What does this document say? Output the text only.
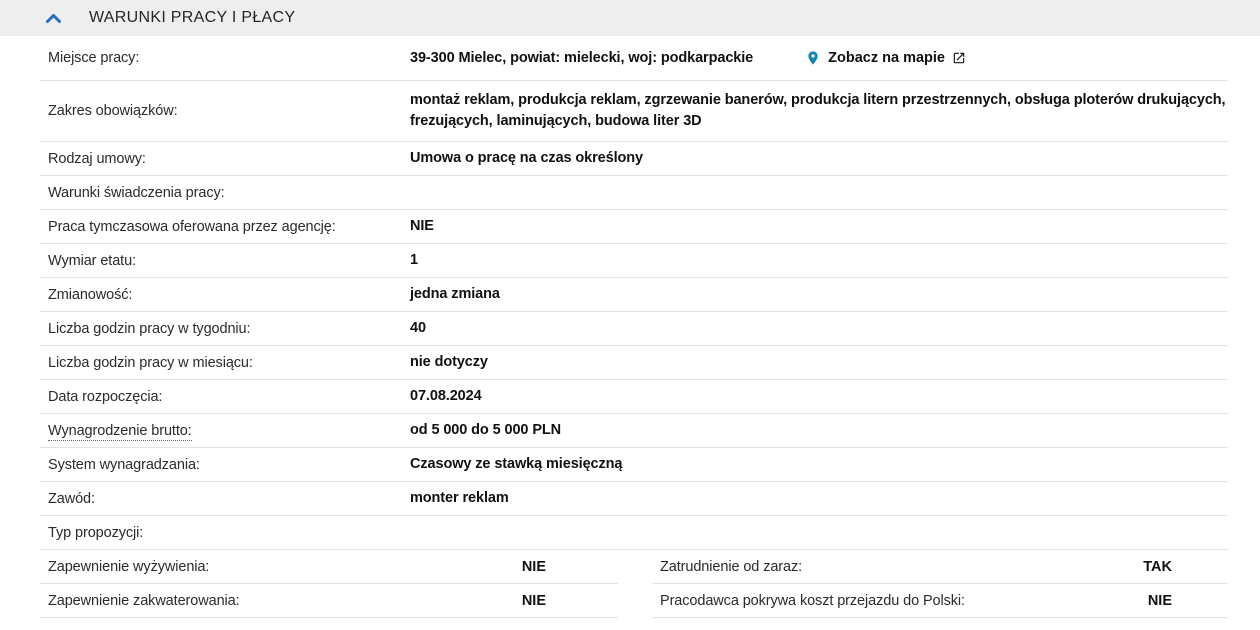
WARUNKI PRACY I PŁACY
Miejsce pracy:	39-300 Mielec, powiat: mielecki, woj: podkarpackie	Zobacz na mapie
Zakres obowiązków:
montaż reklam, produkcja reklam, zgrzewanie banerów, produkcja litern przestrzennych, obsługa ploterów drukujących, frezujących, laminujących, budowa liter 3D
Rodzaj umowy:	Umowa o pracę na czas określony
Warunki świadczenia pracy:
Praca tymczasowa oferowana przez agencję:	NIE
Wymiar etatu:	1
Zmianowość:	jedna zmiana
Liczba godzin pracy w tygodniu:	40
Liczba godzin pracy w miesiącu:	nie dotyczy
Data rozpoczęcia:	07.08.2024
Wynagrodzenie brutto:	od 5 000 do 5 000 PLN
System wynagradzania:	Czasowy ze stawką miesięczną
Zawód:	monter reklam
Typ propozycji:
Zapewnienie wyżywienia:	NIE
Zapewnienie zakwaterowania:	NIE
Zatrudnienie od zaraz:	TAK
Pracodawca pokrywa koszt przejazdu do Polski:	NIE
